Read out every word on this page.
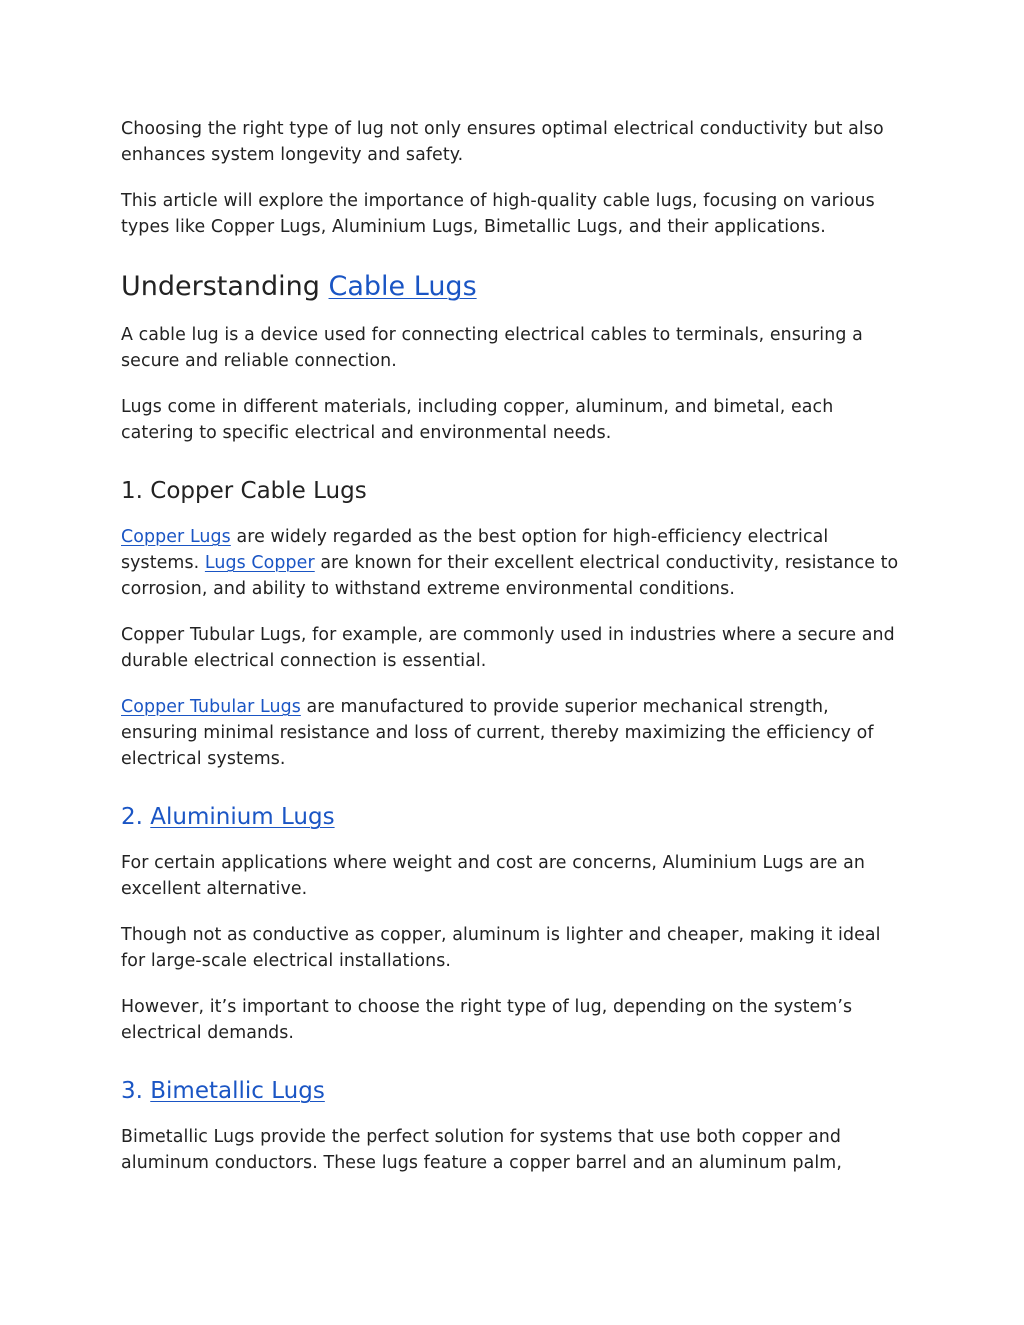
Choosing the right type of lug not only ensures optimal electrical conductivity but also enhances system longevity and safety.

This article will explore the importance of high-quality cable lugs, focusing on various types like Copper Lugs, Aluminium Lugs, Bimetallic Lugs, and their applications.

Understanding Cable Lugs

A cable lug is a device used for connecting electrical cables to terminals, ensuring a secure and reliable connection.

Lugs come in different materials, including copper, aluminum, and bimetal, each catering to specific electrical and environmental needs.

1. Copper Cable Lugs

Copper Lugs are widely regarded as the best option for high-efficiency electrical systems. Lugs Copper are known for their excellent electrical conductivity, resistance to corrosion, and ability to withstand extreme environmental conditions.

Copper Tubular Lugs, for example, are commonly used in industries where a secure and durable electrical connection is essential.

Copper Tubular Lugs are manufactured to provide superior mechanical strength, ensuring minimal resistance and loss of current, thereby maximizing the efficiency of electrical systems.

2. Aluminium Lugs

For certain applications where weight and cost are concerns, Aluminium Lugs are an excellent alternative.

Though not as conductive as copper, aluminum is lighter and cheaper, making it ideal for large-scale electrical installations.

However, it’s important to choose the right type of lug, depending on the system’s electrical demands.

3. Bimetallic Lugs

Bimetallic Lugs provide the perfect solution for systems that use both copper and aluminum conductors. These lugs feature a copper barrel and an aluminum palm,
